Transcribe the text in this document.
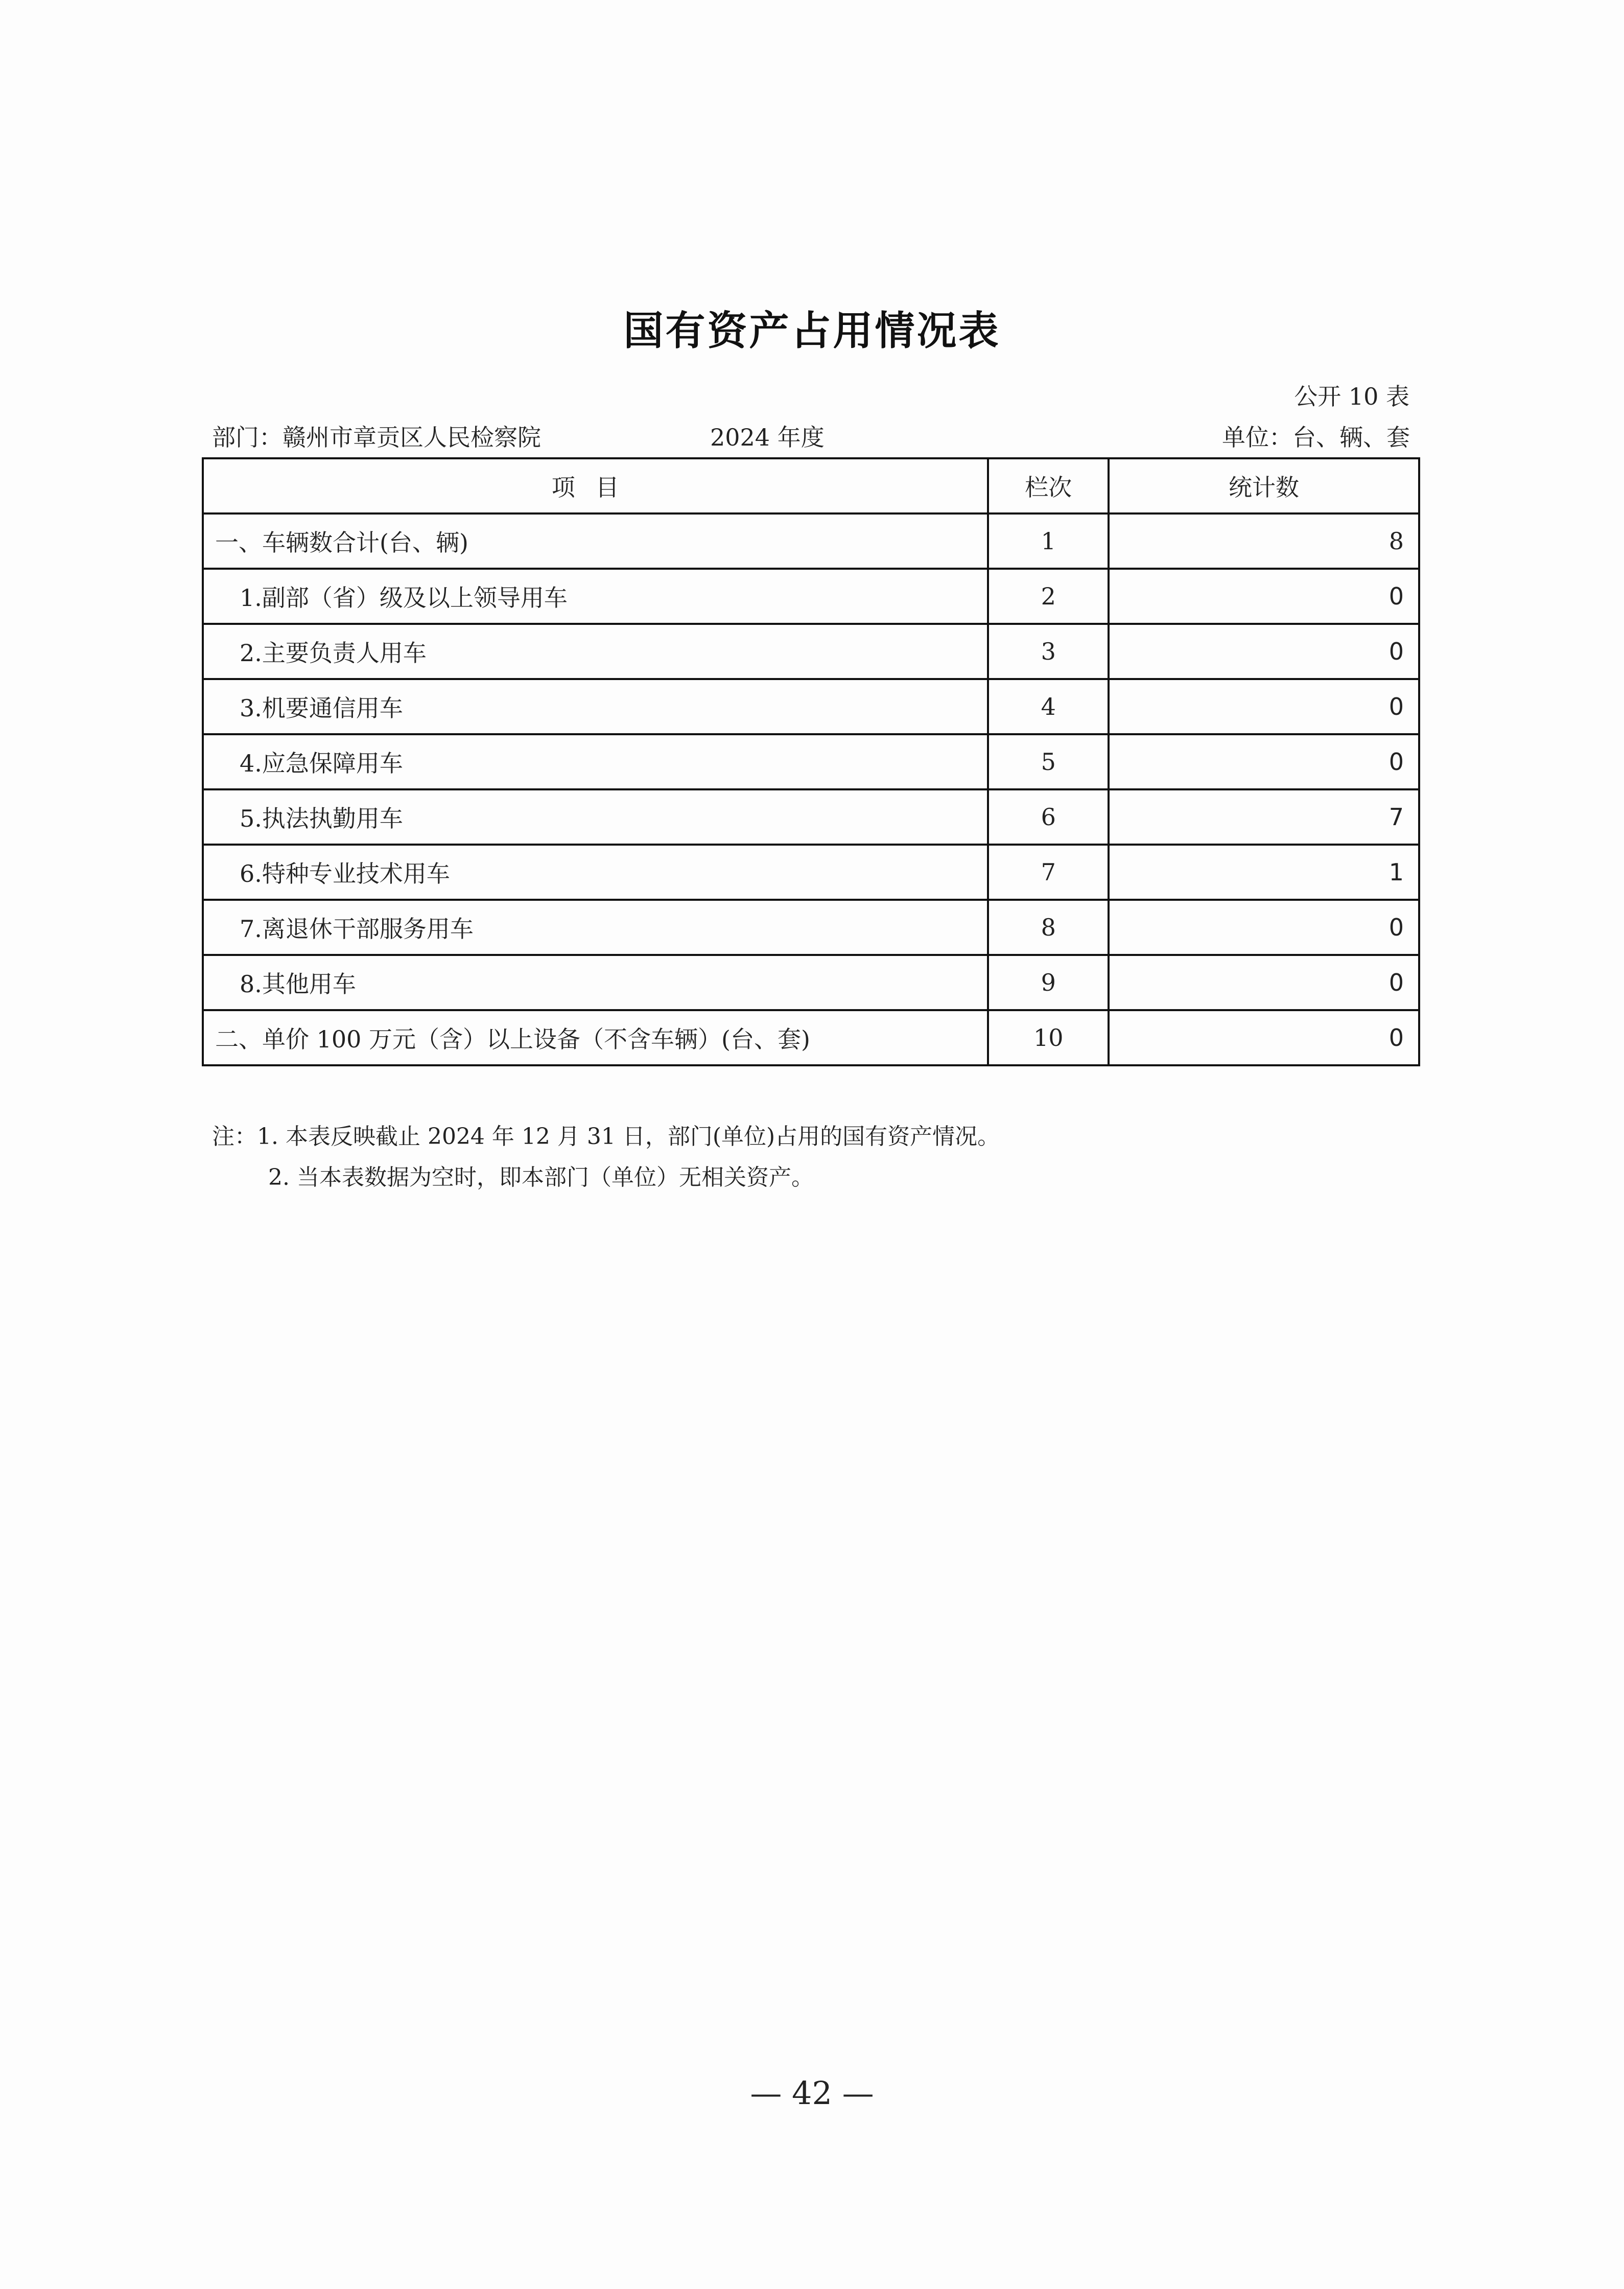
国有资产占用情况表
公开 10 表
部门：赣州市章贡区人民检察院	2024 年度	单位：台、辆、套
项目	栏次	统计数
一、车辆数合计(台、辆)	1	8
1.副部（省）级及以上领导用车	2	0
2.主要负责人用车	3	0
3.机要通信用车	4	0
4.应急保障用车	5	0
5.执法执勤用车	6	7
6.特种专业技术用车	7	1
7.离退休干部服务用车	8	0
8.其他用车	9	0
二、单价 100 万元（含）以上设备（不含车辆）(台、套)	10	0
注：1. 本表反映截止 2024 年 12 月 31 日，部门(单位)占用的国有资产情况。
2. 当本表数据为空时，即本部门（单位）无相关资产。
— 42 —
